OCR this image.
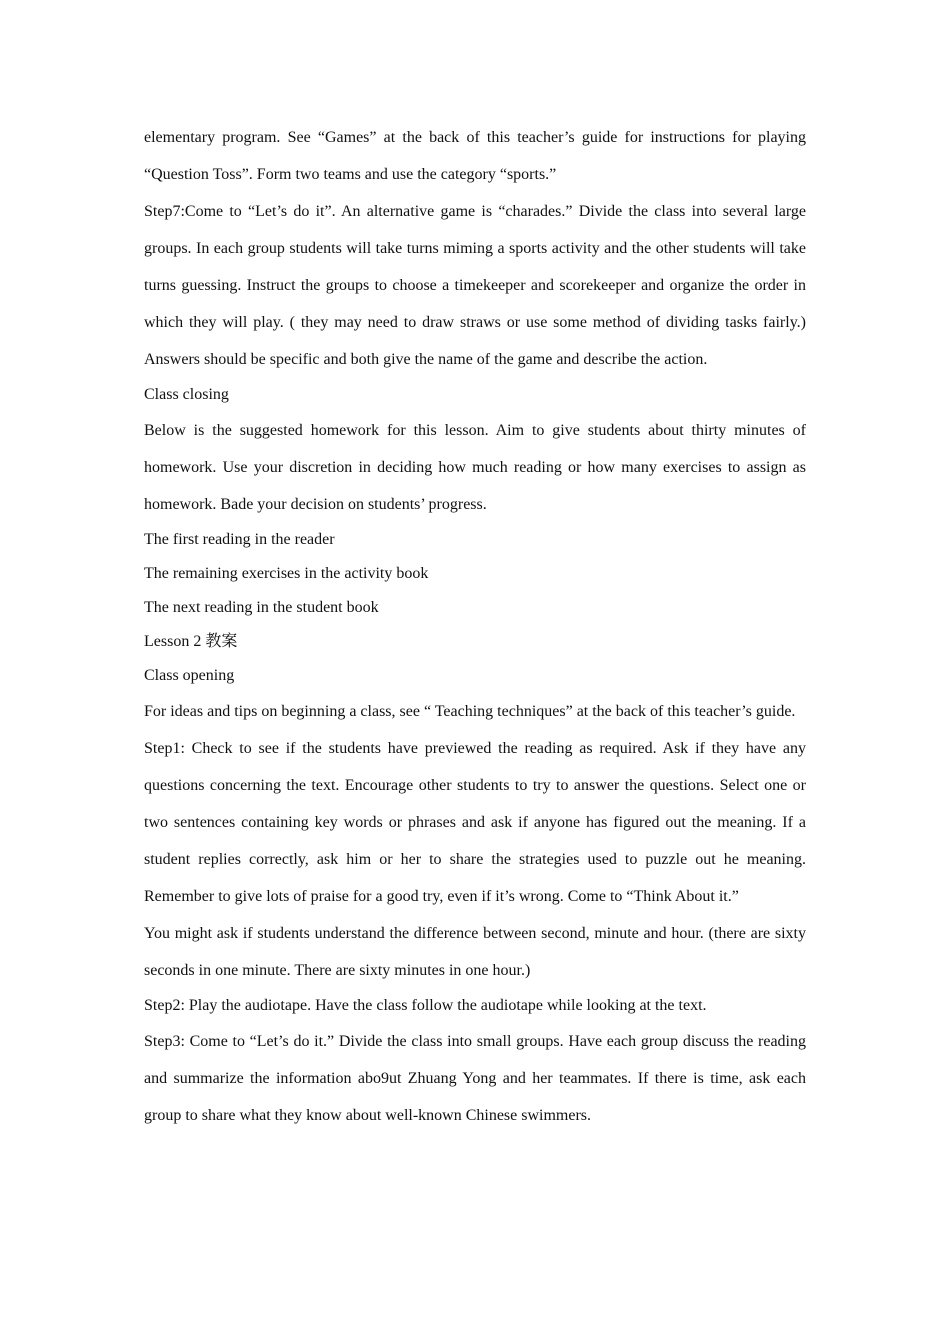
elementary program. See “Games” at the back of this teacher’s guide for instructions for playing “Question Toss”. Form two teams and use the category “sports.”

Step7:Come to “Let’s do it”. An alternative game is “charades.” Divide the class into several large groups. In each group students will take turns miming a sports activity and the other students will take turns guessing. Instruct the groups to choose a timekeeper and scorekeeper and organize the order in which they will play. ( they may need to draw straws or use some method of dividing tasks fairly.) Answers should be specific and both give the name of the game and describe the action.

Class closing

Below is the suggested homework for this lesson. Aim to give students about thirty minutes of homework. Use your discretion in deciding how much reading or how many exercises to assign as homework. Bade your decision on students’ progress.

The first reading in the reader

The remaining exercises in the activity book

The next reading in the student book

Lesson 2 教案

Class opening

For ideas and tips on beginning a class, see “ Teaching techniques” at the back of this teacher’s guide.

Step1: Check to see if the students have previewed the reading as required. Ask if they have any questions concerning the text. Encourage other students to try to answer the questions. Select one or two sentences containing key words or phrases and ask if anyone has figured out the meaning. If a student replies correctly, ask him or her to share the strategies used to puzzle out he meaning. Remember to give lots of praise for a good try, even if it’s wrong. Come to “Think About it.”

You might ask if students understand the difference between second, minute and hour. (there are sixty seconds in one minute. There are sixty minutes in one hour.)

Step2: Play the audiotape. Have the class follow the audiotape while looking at the text.

Step3: Come to “Let’s do it.” Divide the class into small groups. Have each group discuss the reading and summarize the information abo9ut Zhuang Yong and her teammates. If there is time, ask each group to share what they know about well-known Chinese swimmers.
